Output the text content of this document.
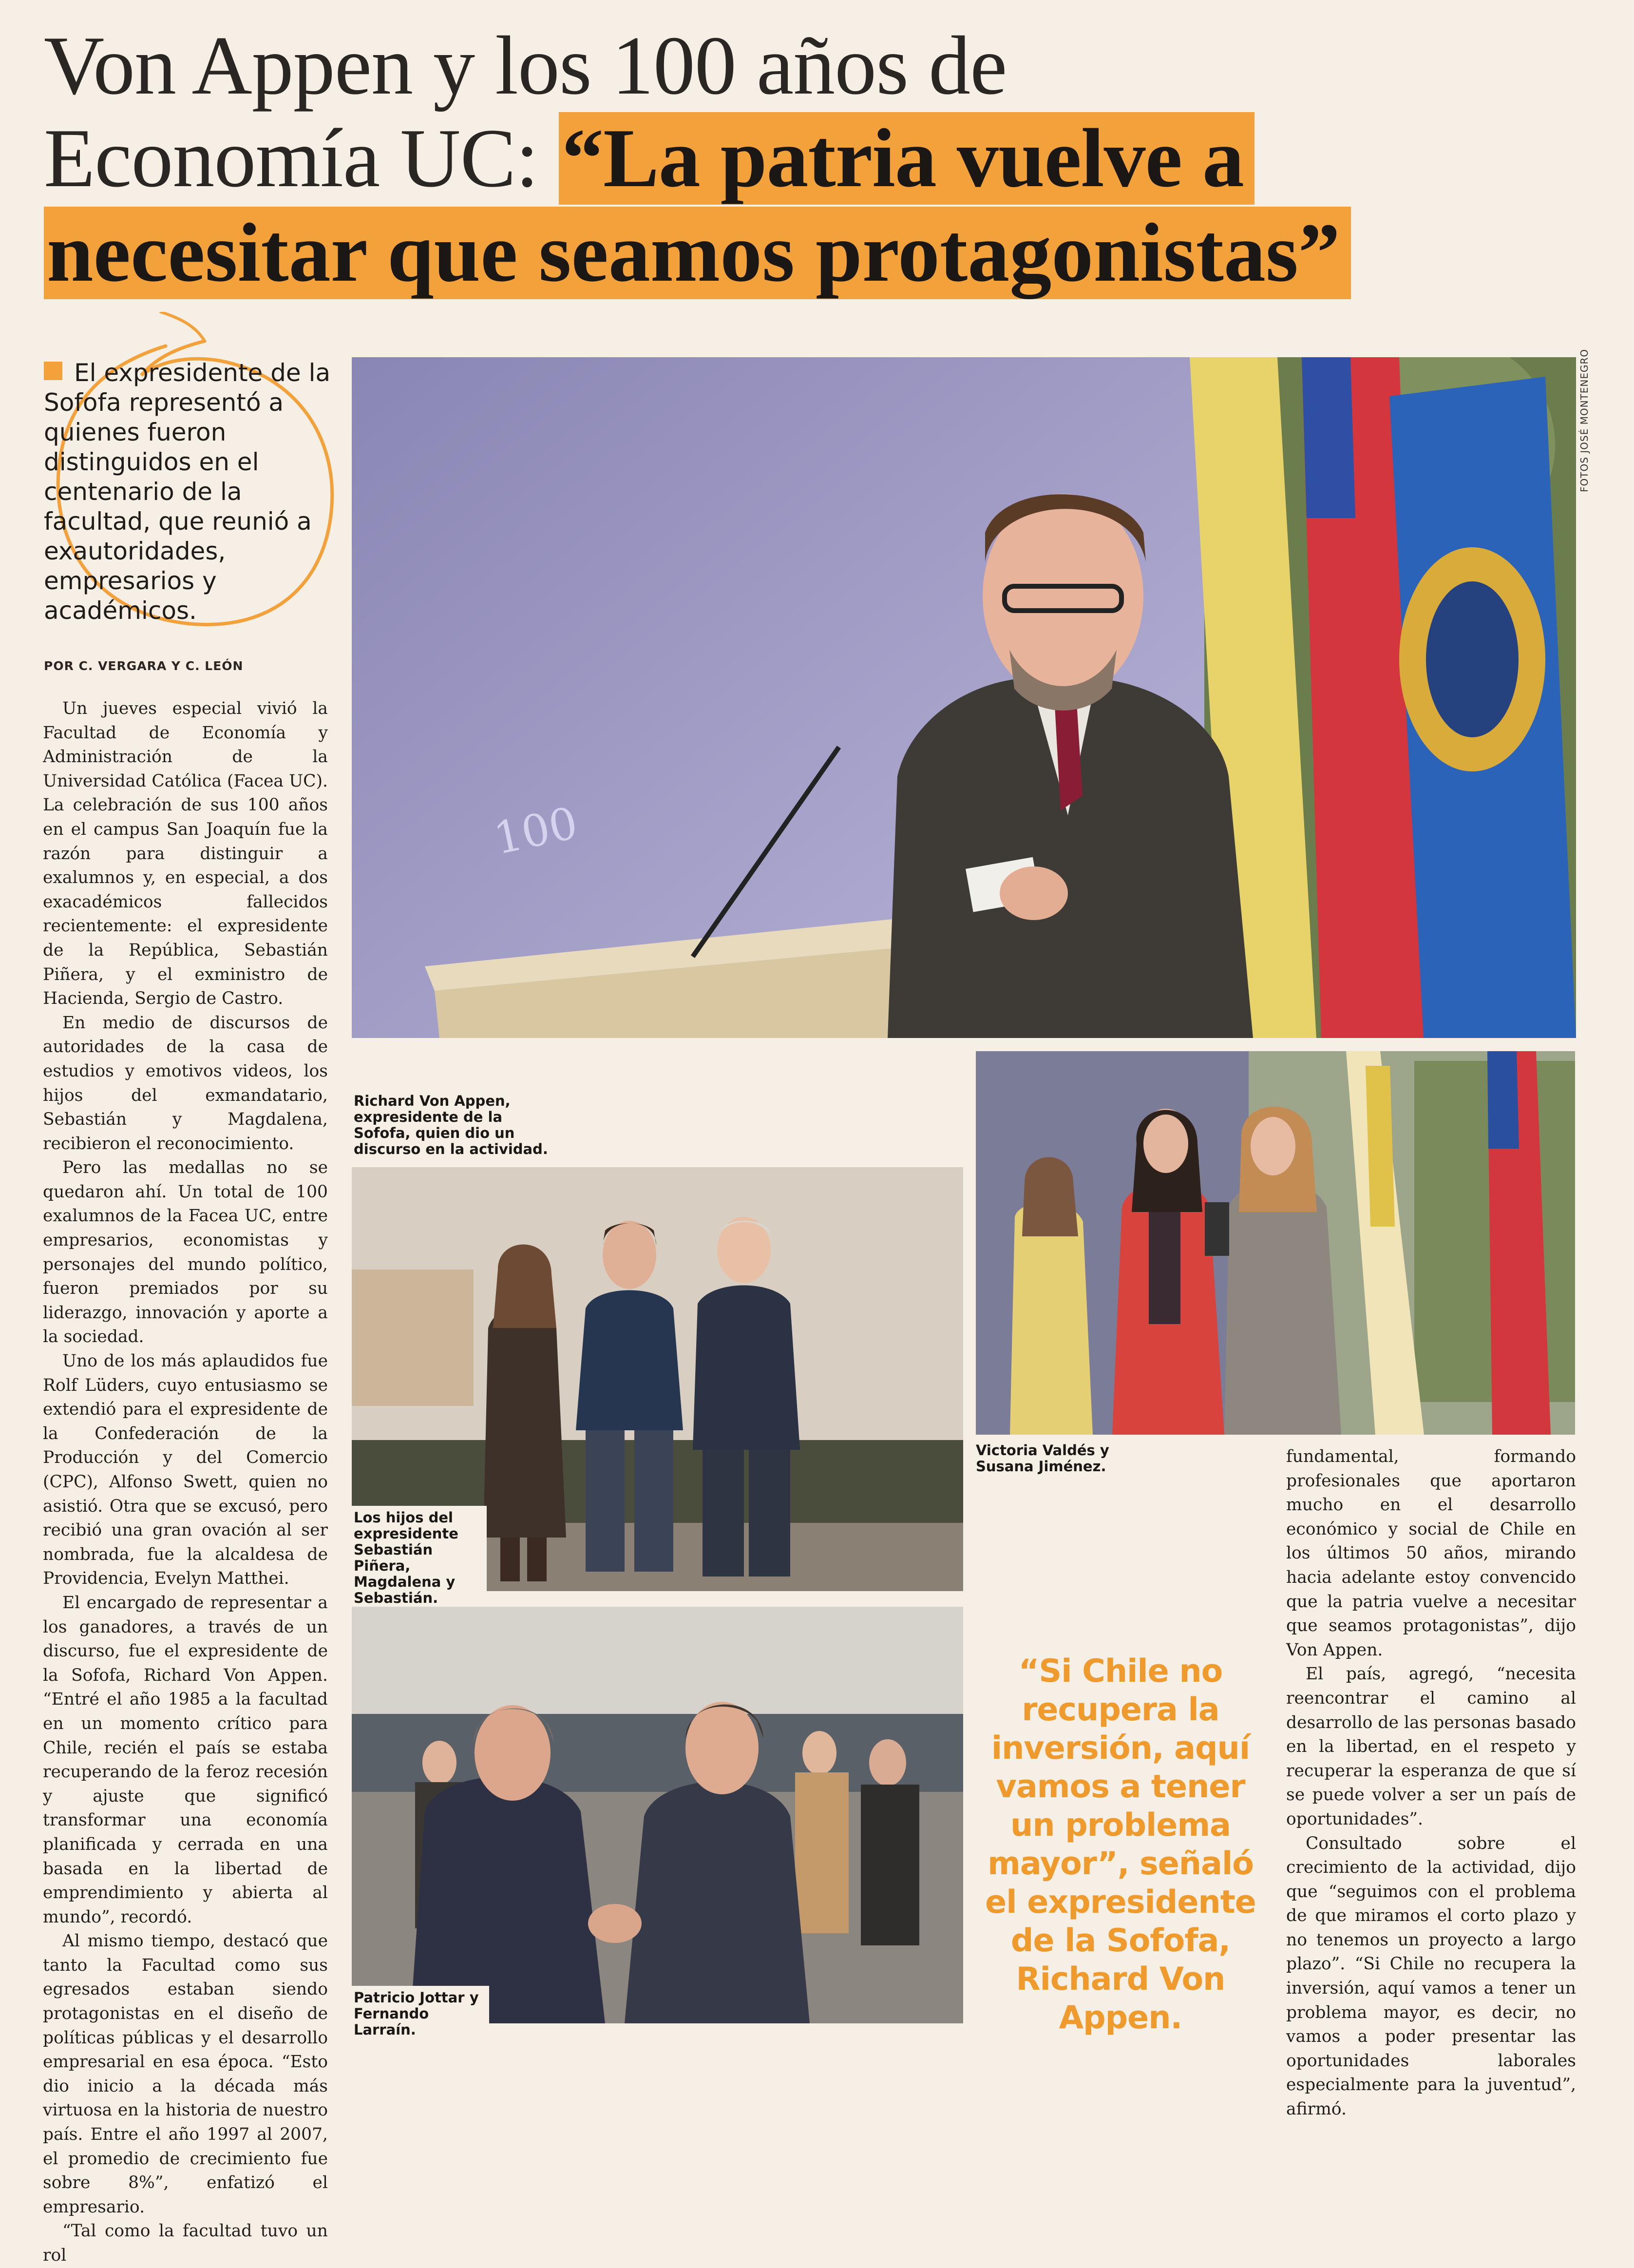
Von Appen y los 100 años de
Economía UC: “La patria vuelve a
necesitar que seamos protagonistas”
El expresidente de la Sofofa representó a quienes fueron distinguidos en el centenario de la facultad, que reunió a exautoridades, empresarios y académicos.
POR C. VERGARA Y C. LEÓN

Un jueves especial vivió la Facultad de Economía y Administración de la Universidad Católica (Facea UC). La celebración de sus 100 años en el campus San Joaquín fue la razón para distinguir a exalumnos y, en especial, a dos exacadémicos fallecidos recientemente: el expresidente de la República, Sebastián Piñera, y el exministro de Hacienda, Sergio de Castro.

En medio de discursos de autoridades de la casa de estudios y emotivos videos, los hijos del exmandatario, Sebastián y Magdalena, recibieron el reconocimiento.

Pero las medallas no se quedaron ahí. Un total de 100 exalumnos de la Facea UC, entre empresarios, economistas y personajes del mundo político, fueron premiados por su liderazgo, innovación y aporte a la sociedad.

Uno de los más aplaudidos fue Rolf Lüders, cuyo entusiasmo se extendió para el expresidente de la Confederación de la Producción y del Comercio (CPC), Alfonso Swett, quien no asistió. Otra que se excusó, pero recibió una gran ovación al ser nombrada, fue la alcaldesa de Providencia, Evelyn Matthei.

El encargado de representar a los ganadores, a través de un discurso, fue el expresidente de la Sofofa, Richard Von Appen. “Entré el año 1985 a la facultad en un momento crítico para Chile, recién el país se estaba recuperando de la feroz recesión y ajuste que significó transformar una economía planificada y cerrada en una basada en la libertad de emprendimiento y abierta al mundo”, recordó.

Al mismo tiempo, destacó que tanto la Facultad como sus egresados estaban siendo protagonistas en el diseño de políticas públicas y el desarrollo empresarial en esa época. “Esto dio inicio a la década más virtuosa en la historia de nuestro país. Entre el año 1997 al 2007, el promedio de crecimiento fue sobre 8%”, enfatizó el empresario.

“Tal como la facultad tuvo un rol

100
FOTOS JOSÉ MONTENEGRO
Richard Von Appen, expresidente de la Sofofa, quien dio un discurso en la actividad.
Los hijos del expresidente Sebastián Piñera, Magdalena y Sebastián.
Victoria Valdés y Susana Jiménez.
Patricio Jottar y Fernando Larraín.
“Si Chile no recupera la inversión, aquí vamos a tener un problema mayor”, señaló el expresidente de la Sofofa, Richard Von Appen.

fundamental, formando profesionales que aportaron mucho en el desarrollo económico y social de Chile en los últimos 50 años, mirando hacia adelante estoy convencido que la patria vuelve a necesitar que seamos protagonistas”, dijo Von Appen.

El país, agregó, “necesita reencontrar el camino al desarrollo de las personas basado en la libertad, en el respeto y recuperar la esperanza de que sí se puede volver a ser un país de oportunidades”.

Consultado sobre el crecimiento de la actividad, dijo que “seguimos con el problema de que miramos el corto plazo y no tenemos un proyecto a largo plazo”. “Si Chile no recupera la inversión, aquí vamos a tener un problema mayor, es decir, no vamos a poder presentar las oportunidades laborales especialmente para la juventud”, afirmó.
